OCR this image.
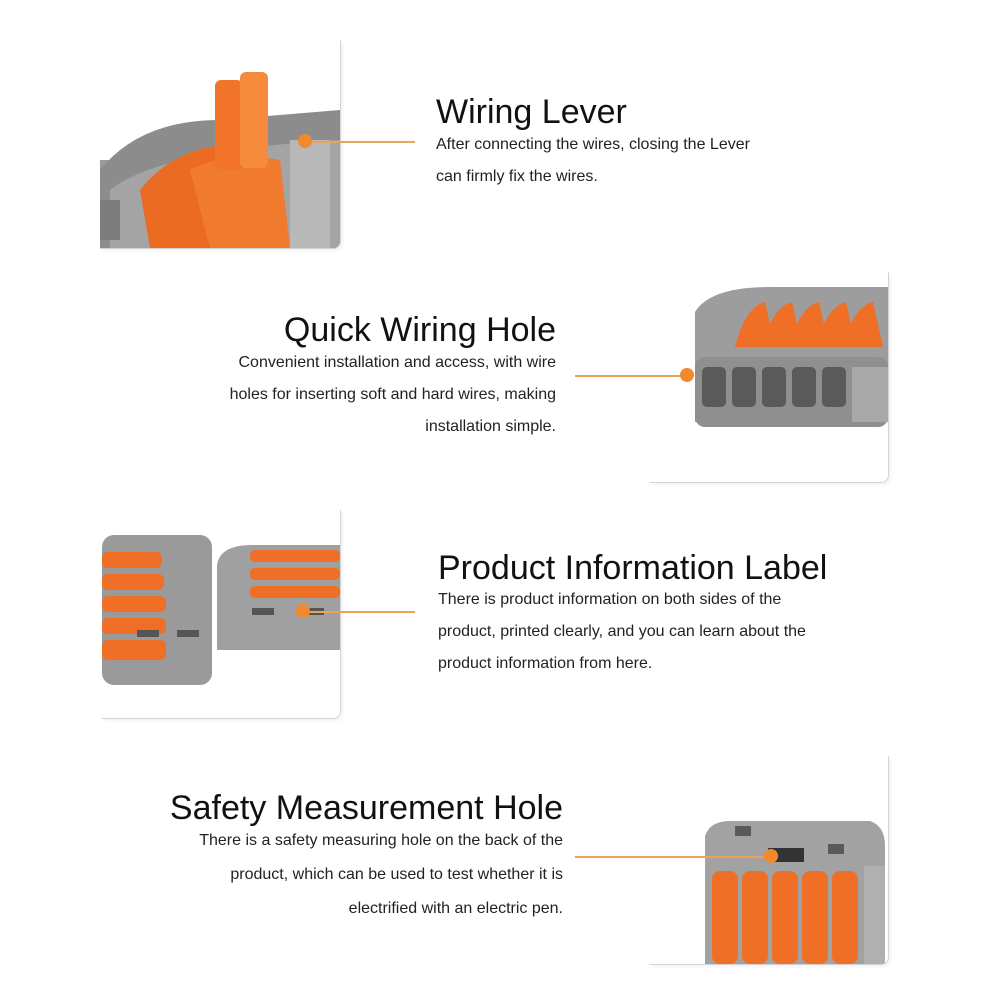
Wiring Lever
After connecting the wires, closing the Lever
can firmly fix the wires.
Quick Wiring Hole
Convenient installation and access, with wire
holes for inserting soft and hard wires, making
installation simple.
Product Information Label
There is product information on both sides of the
product, printed clearly, and you can learn about the
product information from here.
Safety Measurement Hole
There is a safety measuring hole on the back of the
product, which can be used to test whether it is
electrified with an electric pen.
